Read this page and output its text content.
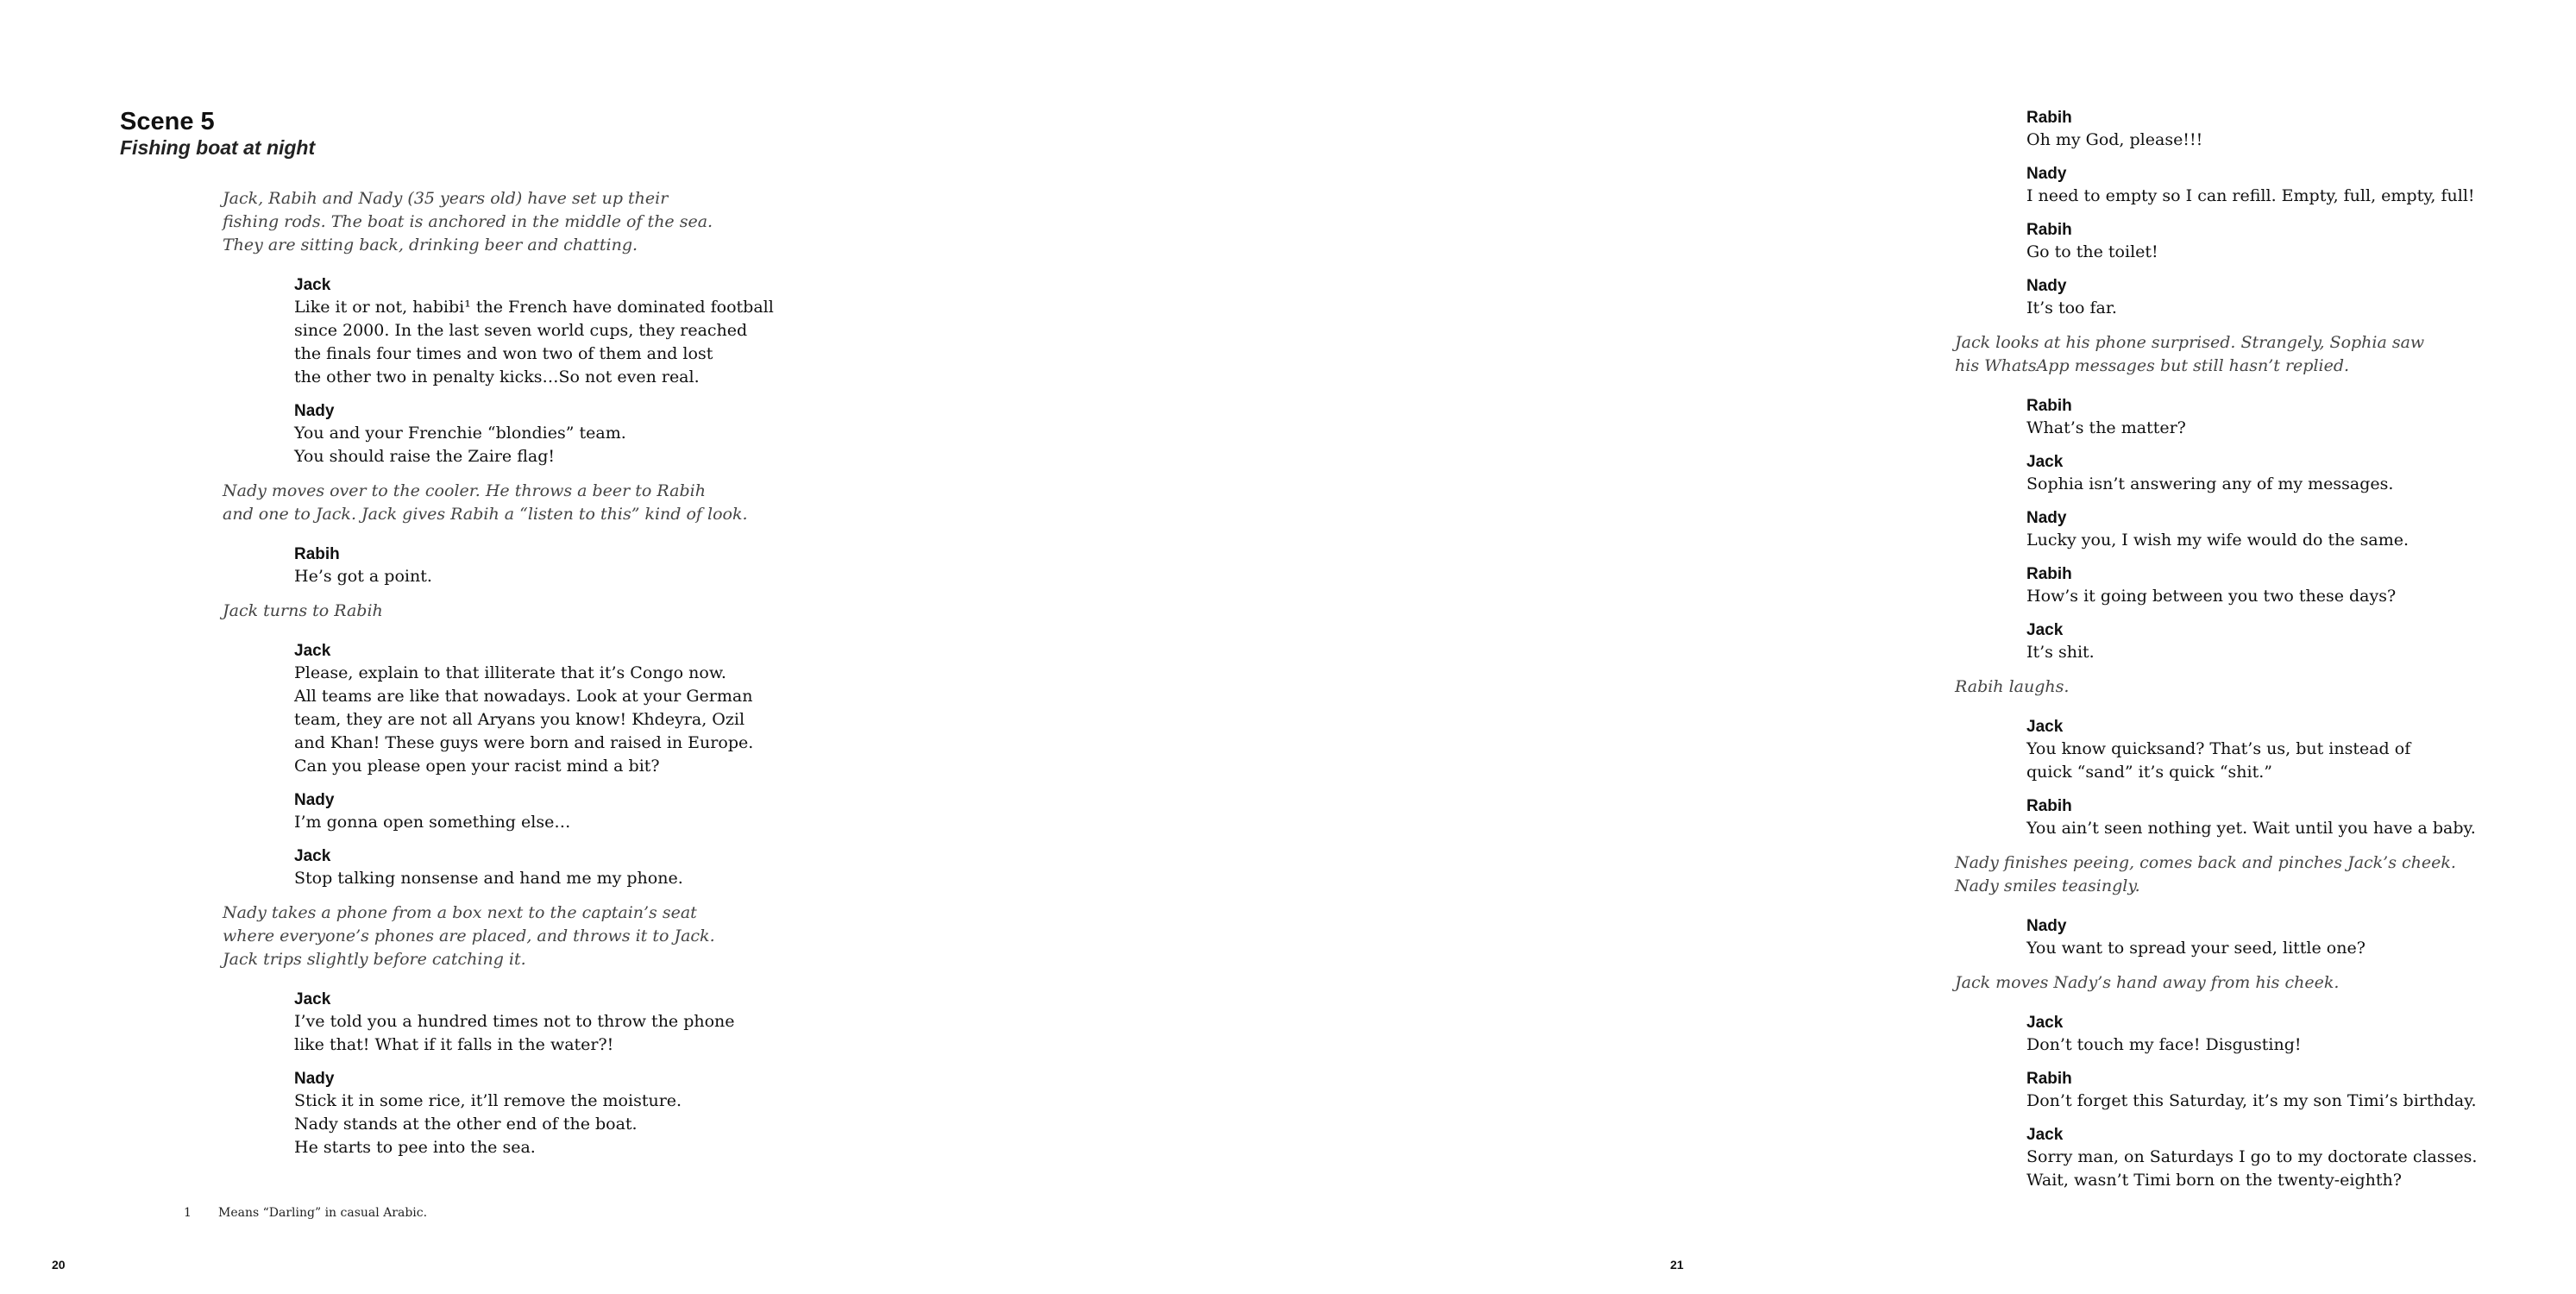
Scene 5
Fishing boat at night

Jack, Rabih and Nady (35 years old) have set up their
fishing rods. The boat is anchored in the middle of the sea.
They are sitting back, drinking beer and chatting.

Jack
Like it or not, habibi¹ the French have dominated football
since 2000. In the last seven world cups, they reached
the finals four times and won two of them and lost
the other two in penalty kicks…So not even real.
Nady
You and your Frenchie “blondies” team.
You should raise the Zaire flag!

Nady moves over to the cooler. He throws a beer to Rabih
and one to Jack. Jack gives Rabih a “listen to this” kind of look.

Rabih
He’s got a point.

Jack turns to Rabih

Jack
Please, explain to that illiterate that it’s Congo now.
All teams are like that nowadays. Look at your German
team, they are not all Aryans you know! Khdeyra, Ozil
and Khan! These guys were born and raised in Europe.
Can you please open your racist mind a bit?
Nady
I’m gonna open something else…
Jack
Stop talking nonsense and hand me my phone.

Nady takes a phone from a box next to the captain’s seat
where everyone’s phones are placed, and throws it to Jack.
Jack trips slightly before catching it.

Jack
I’ve told you a hundred times not to throw the phone
like that! What if it falls in the water?!
Nady
Stick it in some rice, it’ll remove the moisture.
Nady stands at the other end of the boat.
He starts to pee into the sea.
1 Means “Darling” in casual Arabic.
20
Rabih
Oh my God, please!!!
Nady
I need to empty so I can refill. Empty, full, empty, full!
Rabih
Go to the toilet!
Nady
It’s too far.

Jack looks at his phone surprised. Strangely, Sophia saw
his WhatsApp messages but still hasn’t replied.

Rabih
What’s the matter?
Jack
Sophia isn’t answering any of my messages.
Nady
Lucky you, I wish my wife would do the same.
Rabih
How’s it going between you two these days?
Jack
It’s shit.

Rabih laughs.

Jack
You know quicksand? That’s us, but instead of
quick “sand” it’s quick “shit.”
Rabih
You ain’t seen nothing yet. Wait until you have a baby.

Nady finishes peeing, comes back and pinches Jack’s cheek.
Nady smiles teasingly.

Nady
You want to spread your seed, little one?

Jack moves Nady’s hand away from his cheek.

Jack
Don’t touch my face! Disgusting!
Rabih
Don’t forget this Saturday, it’s my son Timi’s birthday.
Jack
Sorry man, on Saturdays I go to my doctorate classes.
Wait, wasn’t Timi born on the twenty-eighth?
21
